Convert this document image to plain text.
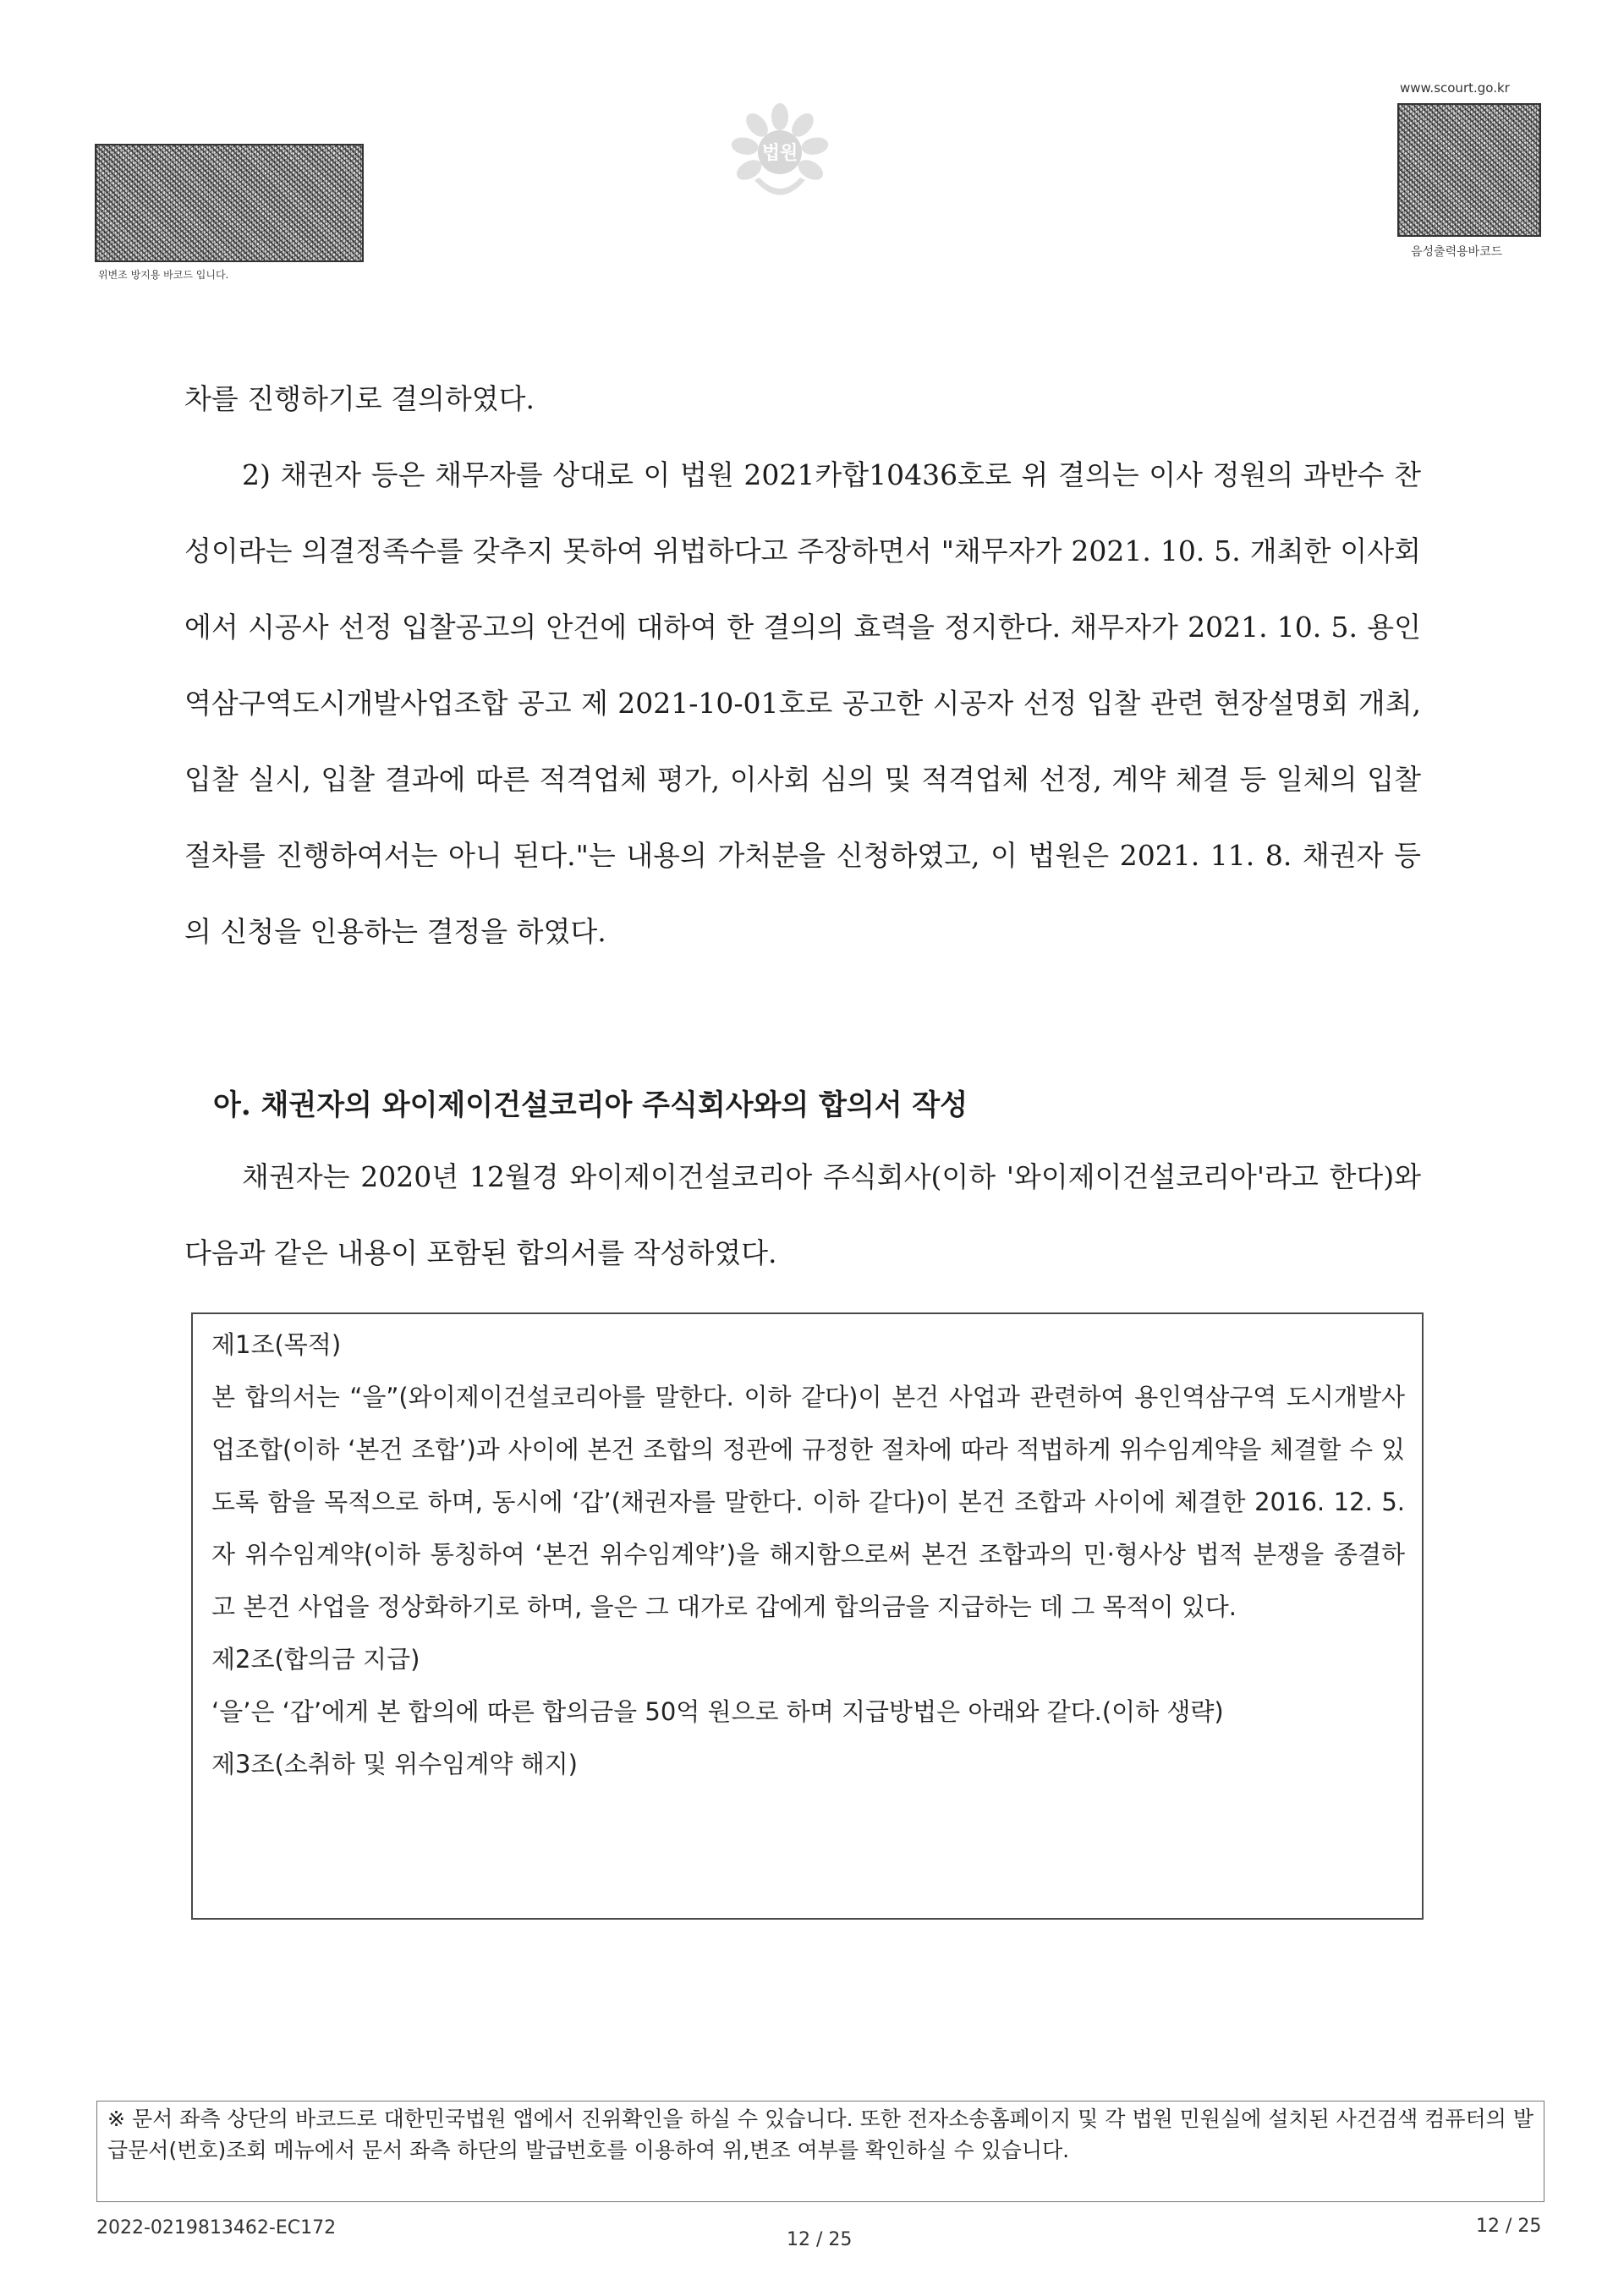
위변조 방지용 바코드 입니다.
법원
www.scourt.go.kr
음성출력용바코드

차를 진행하기로 결의하였다.

2) 채권자 등은 채무자를 상대로 이 법원 2021카합10436호로 위 결의는 이사 정원의 과반수 찬성이라는 의결정족수를 갖추지 못하여 위법하다고 주장하면서 "채무자가 2021. 10. 5. 개최한 이사회에서 시공사 선정 입찰공고의 안건에 대하여 한 결의의 효력을 정지한다. 채무자가 2021. 10. 5. 용인역삼구역도시개발사업조합 공고 제 2021-10-01호로 공고한 시공자 선정 입찰 관련 현장설명회 개최, 입찰 실시, 입찰 결과에 따른 적격업체 평가, 이사회 심의 및 적격업체 선정, 계약 체결 등 일체의 입찰절차를 진행하여서는 아니 된다."는 내용의 가처분을 신청하였고, 이 법원은 2021. 11. 8. 채권자 등의 신청을 인용하는 결정을 하였다.

아. 채권자의 와이제이건설코리아 주식회사와의 합의서 작성

채권자는 2020년 12월경 와이제이건설코리아 주식회사(이하 '와이제이건설코리아'라고 한다)와 다음과 같은 내용이 포함된 합의서를 작성하였다.

제1조(목적)

본 합의서는 “을”(와이제이건설코리아를 말한다. 이하 같다)이 본건 사업과 관련하여 용인역삼구역 도시개발사업조합(이하 ‘본건 조합’)과 사이에 본건 조합의 정관에 규정한 절차에 따라 적법하게 위수임계약을 체결할 수 있도록 함을 목적으로 하며, 동시에 ‘갑’(채권자를 말한다. 이하 같다)이 본건 조합과 사이에 체결한 2016. 12. 5.자 위수임계약(이하 통칭하여 ‘본건 위수임계약’)을 해지함으로써 본건 조합과의 민·형사상 법적 분쟁을 종결하고 본건 사업을 정상화하기로 하며, 을은 그 대가로 갑에게 합의금을 지급하는 데 그 목적이 있다.

제2조(합의금 지급)

‘을’은 ‘갑’에게 본 합의에 따른 합의금을 50억 원으로 하며 지급방법은 아래와 같다.(이하 생략)

제3조(소취하 및 위수임계약 해지)

※ 문서 좌측 상단의 바코드로 대한민국법원 앱에서 진위확인을 하실 수 있습니다. 또한 전자소송홈페이지 및 각 법원 민원실에 설치된 사건검색 컴퓨터의 발급문서(번호)조회 메뉴에서 문서 좌측 하단의 발급번호를 이용하여 위,변조 여부를 확인하실 수 있습니다.
2022-0219813462-EC172
12 / 25
12 / 25
